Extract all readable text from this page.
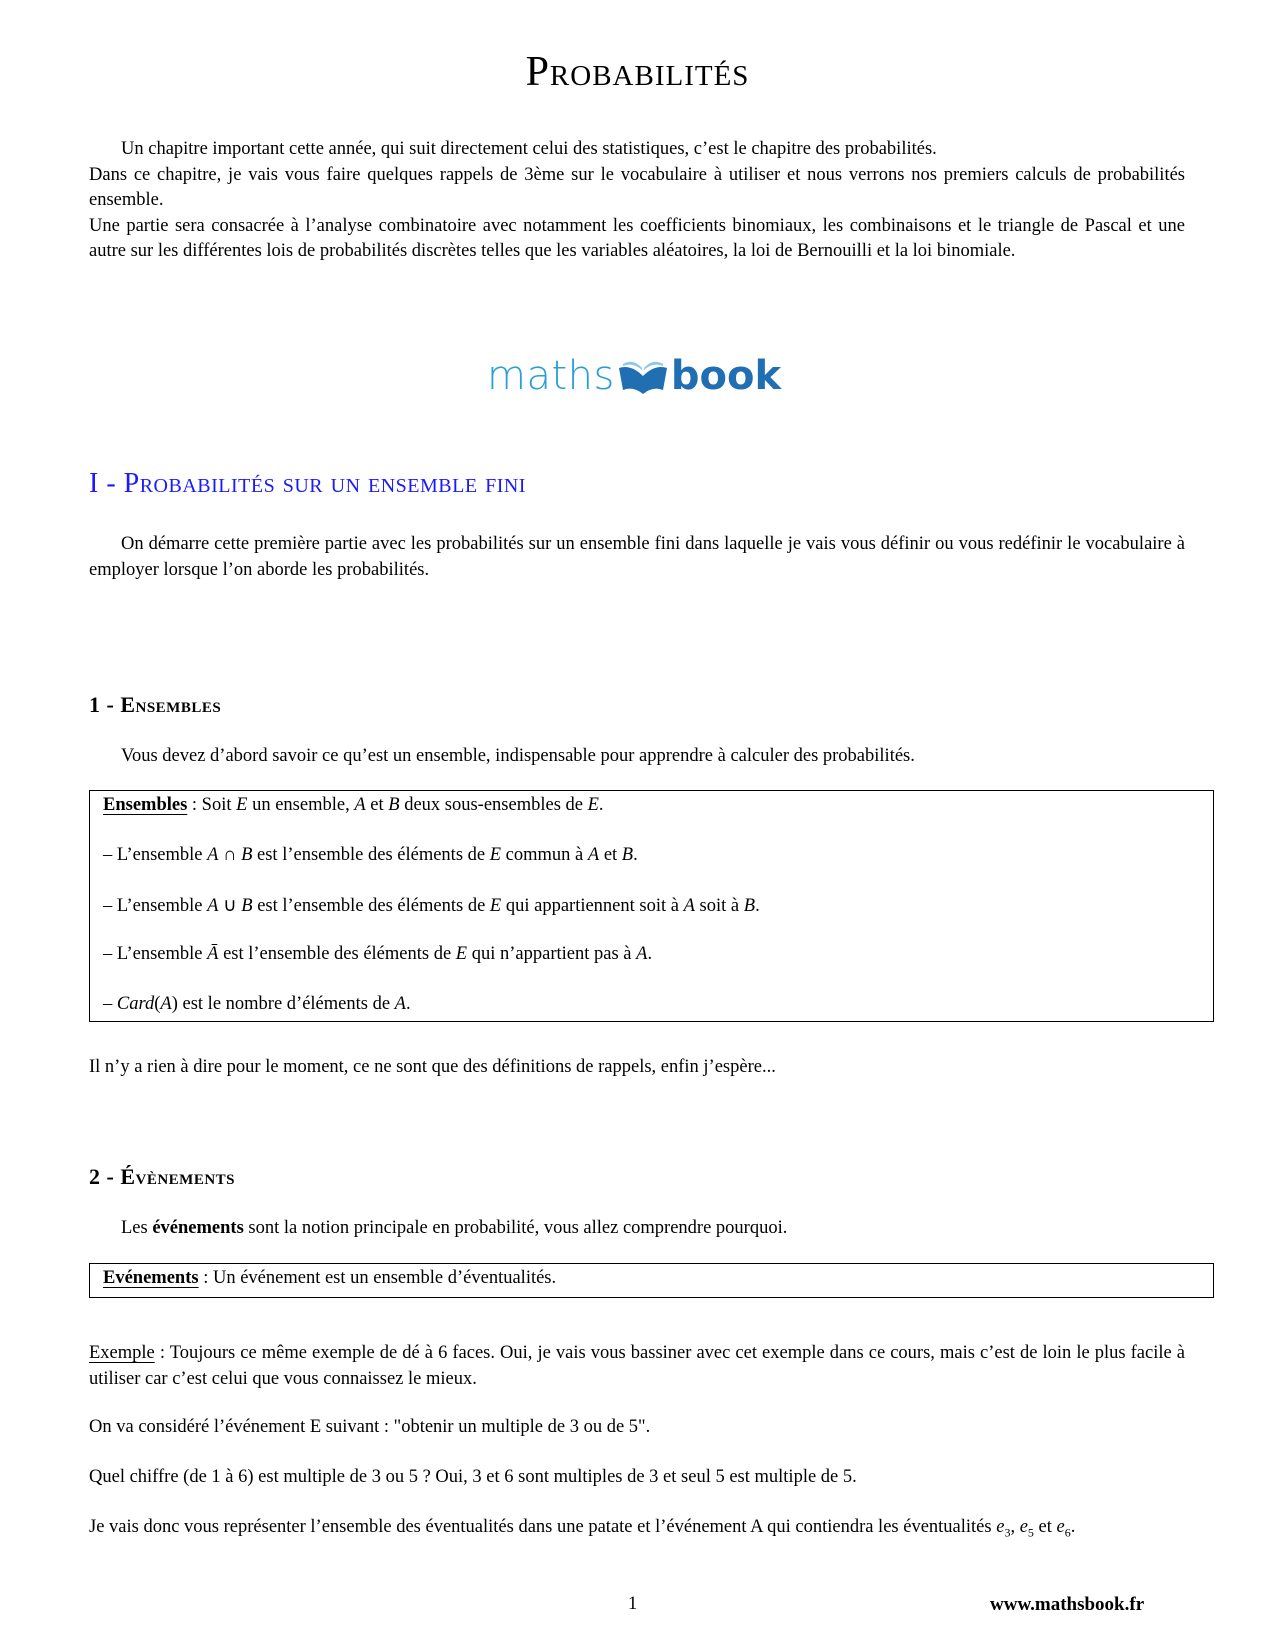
Probabilités
Un chapitre important cette année, qui suit directement celui des statistiques, c’est le chapitre des probabilités.
Dans ce chapitre, je vais vous faire quelques rappels de 3ème sur le vocabulaire à utiliser et nous verrons nos premiers calculs de probabilités ensemble.
Une partie sera consacrée à l’analyse combinatoire avec notamment les coefficients binomiaux, les combinaisons et le triangle de Pascal et une autre sur les différentes lois de probabilités discrètes telles que les variables aléatoires, la loi de Bernouilli et la loi binomiale.
maths book
I - Probabilités sur un ensemble fini
On démarre cette première partie avec les probabilités sur un ensemble fini dans laquelle je vais vous définir ou vous redéfinir le vocabulaire à employer lorsque l’on aborde les probabilités.
1 - Ensembles
Vous devez d’abord savoir ce qu’est un ensemble, indispensable pour apprendre à calculer des probabilités.
Ensembles : Soit E un ensemble, A et B deux sous-ensembles de E.
– L’ensemble A ∩ B est l’ensemble des éléments de E commun à A et B.
– L’ensemble A ∪ B est l’ensemble des éléments de E qui appartiennent soit à A soit à B.
– L’ensemble Ā est l’ensemble des éléments de E qui n’appartient pas à A.
– Card(A) est le nombre d’éléments de A.
Il n’y a rien à dire pour le moment, ce ne sont que des définitions de rappels, enfin j’espère...
2 - Évènements
Les événements sont la notion principale en probabilité, vous allez comprendre pourquoi.
Evénements : Un événement est un ensemble d’éventualités.
Exemple : Toujours ce même exemple de dé à 6 faces. Oui, je vais vous bassiner avec cet exemple dans ce cours, mais c’est de loin le plus facile à utiliser car c’est celui que vous connaissez le mieux.
On va considéré l’événement E suivant : "obtenir un multiple de 3 ou de 5".
Quel chiffre (de 1 à 6) est multiple de 3 ou 5 ? Oui, 3 et 6 sont multiples de 3 et seul 5 est multiple de 5.
Je vais donc vous représenter l’ensemble des éventualités dans une patate et l’événement A qui contiendra les éventualités $e_3$, $e_5$ et $e_6$.
1	www.mathsbook.fr
